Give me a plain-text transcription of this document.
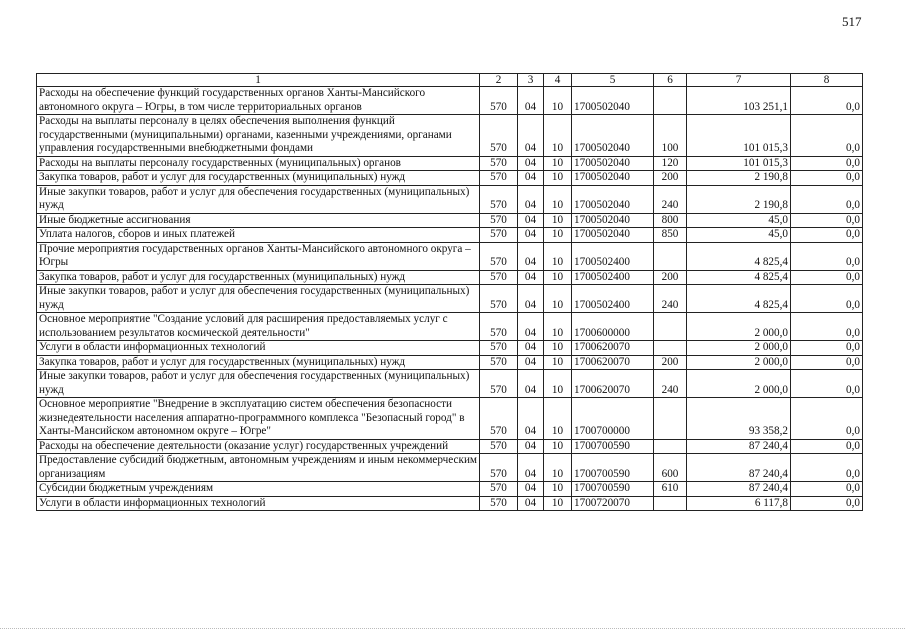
517
1	2	3	4	5	6	7	8
Расходы на обеспечение функций государственных органов Ханты-Мансийского автономного округа – Югры, в том числе территориальных органов	570	04	10	1700502040		103 251,1	0,0
Расходы на выплаты персоналу в целях обеспечения выполнения функций государственными (муниципальными) органами, казенными учреждениями, органами управления государственными внебюджетными фондами	570	04	10	1700502040	100	101 015,3	0,0
Расходы на выплаты персоналу государственных (муниципальных) органов	570	04	10	1700502040	120	101 015,3	0,0
Закупка товаров, работ и услуг для государственных (муниципальных) нужд	570	04	10	1700502040	200	2 190,8	0,0
Иные закупки товаров, работ и услуг для обеспечения государственных (муниципальных) нужд	570	04	10	1700502040	240	2 190,8	0,0
Иные бюджетные ассигнования	570	04	10	1700502040	800	45,0	0,0
Уплата налогов, сборов и иных платежей	570	04	10	1700502040	850	45,0	0,0
Прочие мероприятия государственных органов Ханты-Мансийского автономного округа – Югры	570	04	10	1700502400		4 825,4	0,0
Закупка товаров, работ и услуг для государственных (муниципальных) нужд	570	04	10	1700502400	200	4 825,4	0,0
Иные закупки товаров, работ и услуг для обеспечения государственных (муниципальных) нужд	570	04	10	1700502400	240	4 825,4	0,0
Основное мероприятие "Создание условий для расширения предоставляемых услуг с использованием результатов космической деятельности"	570	04	10	1700600000		2 000,0	0,0
Услуги в области информационных технологий	570	04	10	1700620070		2 000,0	0,0
Закупка товаров, работ и услуг для государственных (муниципальных) нужд	570	04	10	1700620070	200	2 000,0	0,0
Иные закупки товаров, работ и услуг для обеспечения государственных (муниципальных) нужд	570	04	10	1700620070	240	2 000,0	0,0
Основное мероприятие "Внедрение в эксплуатацию систем обеспечения безопасности жизнедеятельности населения аппаратно-программного комплекса "Безопасный город" в Ханты-Мансийском автономном округе – Югре"	570	04	10	1700700000		93 358,2	0,0
Расходы на обеспечение деятельности (оказание услуг) государственных учреждений	570	04	10	1700700590		87 240,4	0,0
Предоставление субсидий бюджетным, автономным учреждениям и иным некоммерческим организациям	570	04	10	1700700590	600	87 240,4	0,0
Субсидии бюджетным учреждениям	570	04	10	1700700590	610	87 240,4	0,0
Услуги в области информационных технологий	570	04	10	1700720070		6 117,8	0,0
